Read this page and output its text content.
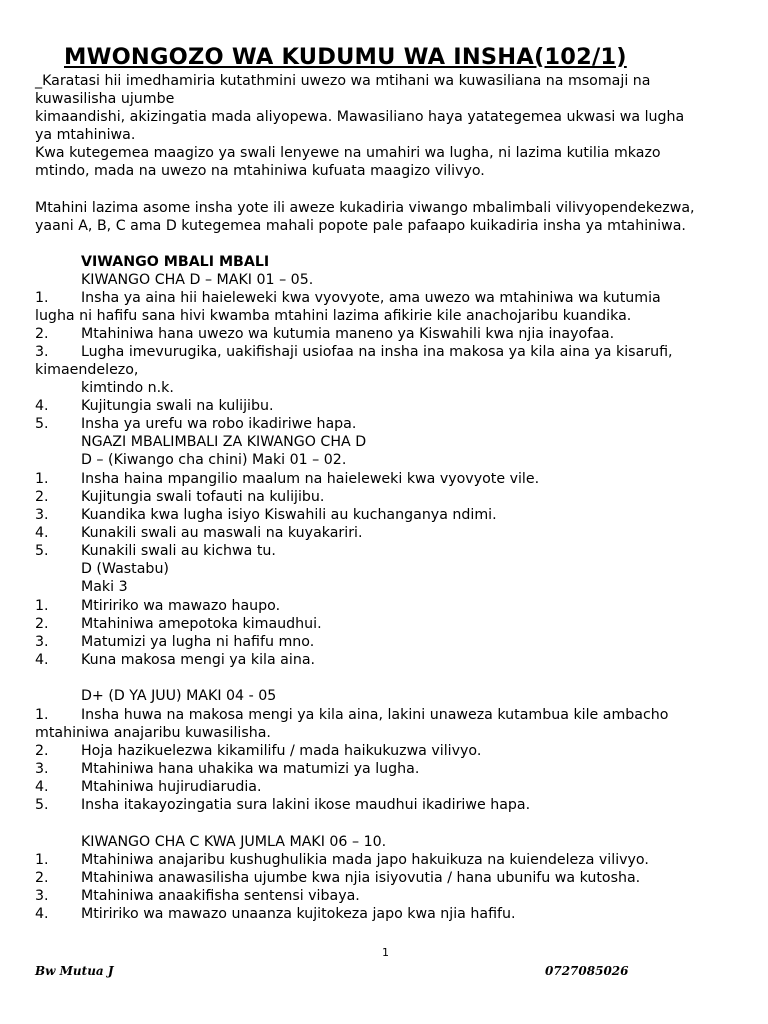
MWONGOZO WA KUDUMU WA INSHA(102/1)
_Karatasi hii imedhamiria kutathmini uwezo wa mtihani wa kuwasiliana na msomaji na
kuwasilisha ujumbe
kimaandishi, akizingatia mada aliyopewa. Mawasiliano haya yatategemea ukwasi wa lugha
ya mtahiniwa.
Kwa kutegemea maagizo ya swali lenyewe na umahiri wa lugha, ni lazima kutilia mkazo
mtindo, mada na uwezo na mtahiniwa kufuata maagizo vilivyo.
Mtahini lazima asome insha yote ili aweze kukadiria viwango mbalimbali vilivyopendekezwa,
yaani A, B, C ama D kutegemea mahali popote pale pafaapo kuikadiria insha ya mtahiniwa.
VIWANGO MBALI MBALI
KIWANGO CHA D – MAKI 01 – 05.
1. Insha ya aina hii haieleweki kwa vyovyote, ama uwezo wa mtahiniwa wa kutumia
lugha ni hafifu sana hivi kwamba mtahini lazima afikirie kile anachojaribu kuandika.
2. Mtahiniwa hana uwezo wa kutumia maneno ya Kiswahili kwa njia inayofaa.
3. Lugha imevurugika, uakifishaji usiofaa na insha ina makosa ya kila aina ya kisarufi,
kimaendelezo,
kimtindo n.k.
4. Kujitungia swali na kulijibu.
5. Insha ya urefu wa robo ikadiriwe hapa.
NGAZI MBALIMBALI ZA KIWANGO CHA D
D – (Kiwango cha chini) Maki 01 – 02.
1. Insha haina mpangilio maalum na haieleweki kwa vyovyote vile.
2. Kujitungia swali tofauti na kulijibu.
3. Kuandika kwa lugha isiyo Kiswahili au kuchanganya ndimi.
4. Kunakili swali au maswali na kuyakariri.
5. Kunakili swali au kichwa tu.
D (Wastabu)
Maki 3
1. Mtiririko wa mawazo haupo.
2. Mtahiniwa amepotoka kimaudhui.
3. Matumizi ya lugha ni hafifu mno.
4. Kuna makosa mengi ya kila aina.
D+ (D YA JUU) MAKI 04 - 05
1. Insha huwa na makosa mengi ya kila aina, lakini unaweza kutambua kile ambacho
mtahiniwa anajaribu kuwasilisha.
2. Hoja hazikuelezwa kikamilifu / mada haikukuzwa vilivyo.
3. Mtahiniwa hana uhakika wa matumizi ya lugha.
4. Mtahiniwa hujirudiarudia.
5. Insha itakayozingatia sura lakini ikose maudhui ikadiriwe hapa.
KIWANGO CHA C KWA JUMLA MAKI 06 – 10.
1. Mtahiniwa anajaribu kushughulikia mada japo hakuikuza na kuiendeleza vilivyo.
2. Mtahiniwa anawasilisha ujumbe kwa njia isiyovutia / hana ubunifu wa kutosha.
3. Mtahiniwa anaakifisha sentensi vibaya.
4. Mtiririko wa mawazo unaanza kujitokeza japo kwa njia hafifu.
1
Bw Mutua J	0727085026
